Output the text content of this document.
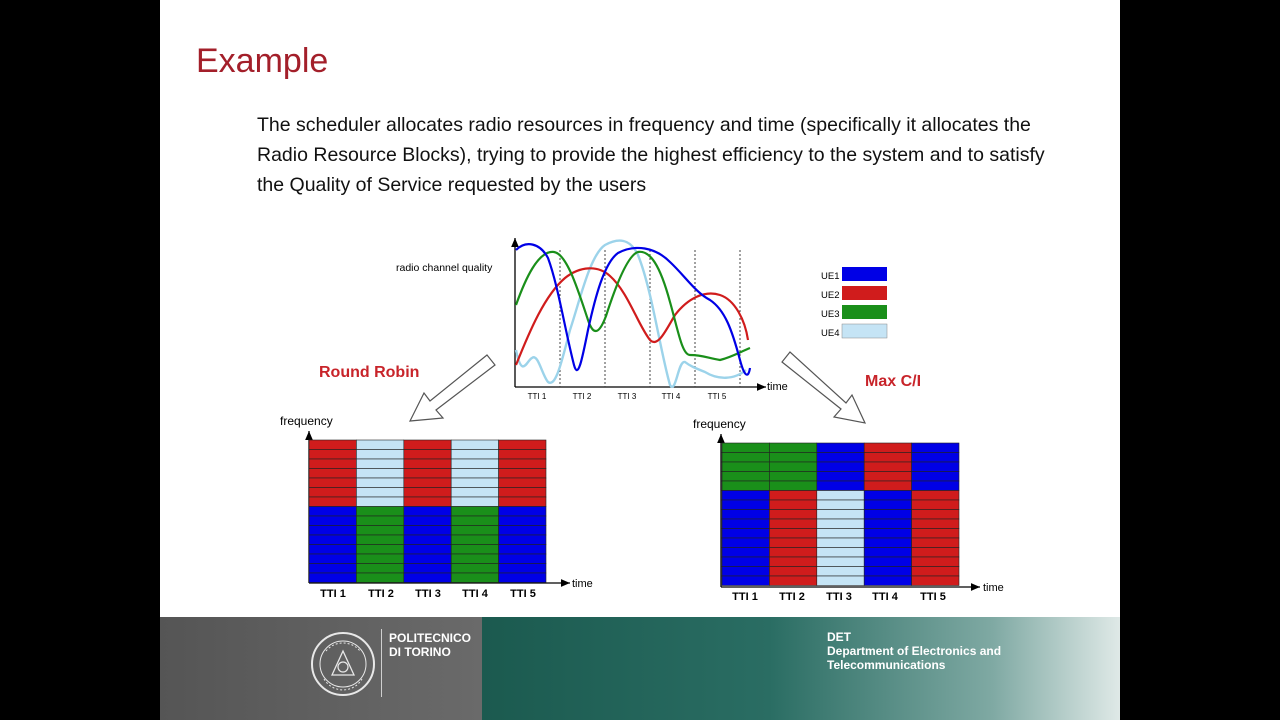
Example
The scheduler allocates radio resources in frequency and time (specifically it allocates the Radio Resource Blocks), trying to provide the highest efficiency to the system and to satisfy the Quality of Service requested by the users
radio channel quality
time
TTI 1	TTI 2	TTI 3	TTI 4	TTI 5
UE1
UE2
UE3
UE4
Round Robin
Max C/I
frequency
time
TTI 1 TTI 2 TTI 3 TTI 4 TTI 5
frequency
time
TTI 1 TTI 2 TTI 3 TTI 4 TTI 5
POLITECNICO
DI TORINO
DET
Department of Electronics and Telecommunications
